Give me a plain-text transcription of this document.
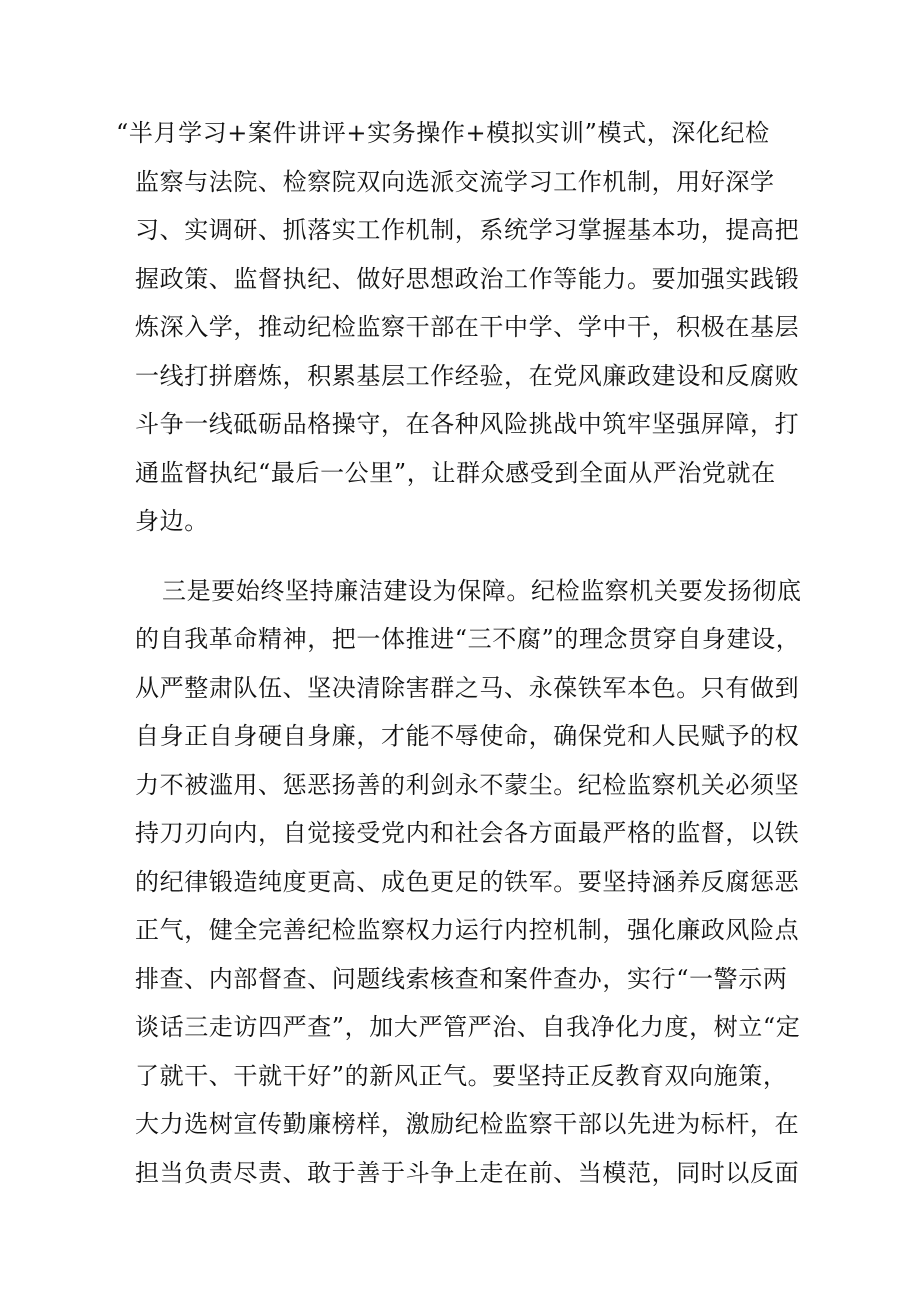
“半月学习+案件讲评+实务操作+模拟实训”模式，深化纪检
监察与法院、检察院双向选派交流学习工作机制，用好深学
习、实调研、抓落实工作机制，系统学习掌握基本功，提高把
握政策、监督执纪、做好思想政治工作等能力。要加强实践锻
炼深入学，推动纪检监察干部在干中学、学中干，积极在基层
一线打拼磨炼，积累基层工作经验，在党风廉政建设和反腐败
斗争一线砥砺品格操守，在各种风险挑战中筑牢坚强屏障，打
通监督执纪“最后一公里”，让群众感受到全面从严治党就在
身边。
三是要始终坚持廉洁建设为保障。纪检监察机关要发扬彻底
的自我革命精神，把一体推进“三不腐”的理念贯穿自身建设，
从严整肃队伍、坚决清除害群之马、永葆铁军本色。只有做到
自身正自身硬自身廉，才能不辱使命，确保党和人民赋予的权
力不被滥用、惩恶扬善的利剑永不蒙尘。纪检监察机关必须坚
持刀刃向内，自觉接受党内和社会各方面最严格的监督，以铁
的纪律锻造纯度更高、成色更足的铁军。要坚持涵养反腐惩恶
正气，健全完善纪检监察权力运行内控机制，强化廉政风险点
排查、内部督查、问题线索核查和案件查办，实行“一警示两
谈话三走访四严查”，加大严管严治、自我净化力度，树立“定
了就干、干就干好”的新风正气。要坚持正反教育双向施策，
大力选树宣传勤廉榜样，激励纪检监察干部以先进为标杆，在
担当负责尽责、敢于善于斗争上走在前、当模范，同时以反面
